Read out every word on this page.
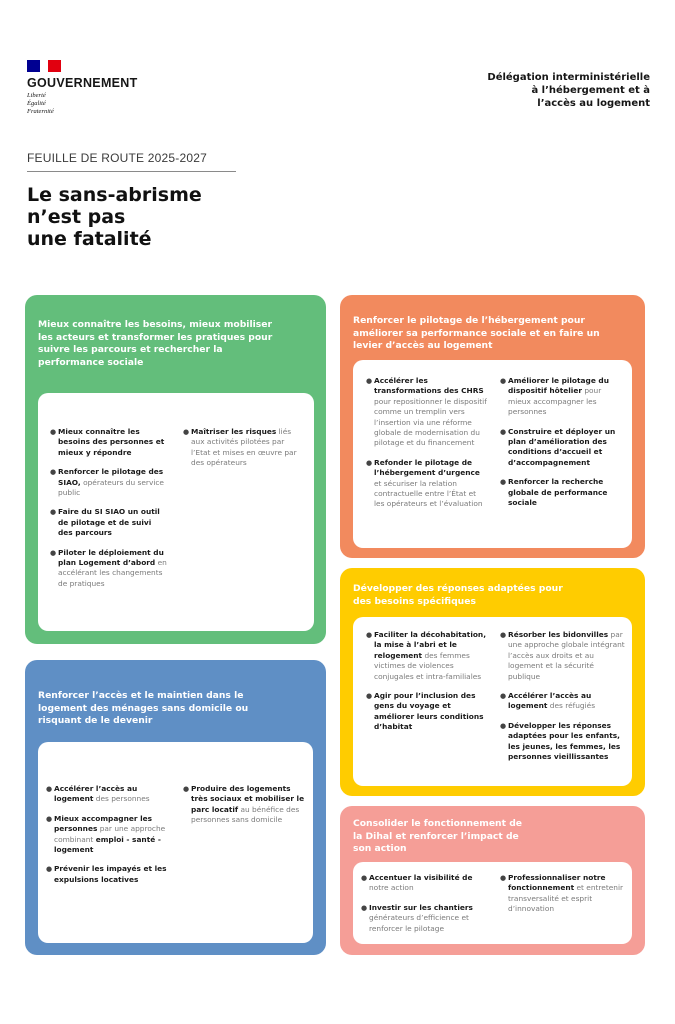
GOUVERNEMENT
Liberté
Égalité
Fraternité
Délégation interministérielle
à l’hébergement et à
l’accès au logement
FEUILLE DE ROUTE 2025-2027
Le sans-abrisme
n’est pas
une fatalité
Mieux connaître les besoins, mieux mobiliser les acteurs et transformer les pratiques pour suivre les parcours et rechercher la performance sociale
● Mieux connaître les besoins des personnes et mieux y répondre
● Renforcer le pilotage des SIAO, opérateurs du service public
● Faire du SI SIAO un outil de pilotage et de suivi des parcours
● Piloter le déploiement du plan Logement d’abord en accélérant les changements de pratiques
● Maîtriser les risques liés aux activités pilotées par l’Etat et mises en œuvre par des opérateurs
Renforcer l’accès et le maintien dans le logement des ménages sans domicile ou risquant de le devenir
● Accélérer l’accès au logement des personnes
● Mieux accompagner les personnes par une approche combinant emploi - santé - logement
● Prévenir les impayés et les expulsions locatives
● Produire des logements très sociaux et mobiliser le parc locatif au bénéfice des personnes sans domicile
Renforcer le pilotage de l’hébergement pour améliorer sa performance sociale et en faire un levier d’accès au logement
● Accélérer les transformations des CHRS pour repositionner le dispositif comme un tremplin vers l’insertion via une réforme globale de modernisation du pilotage et du financement
● Refonder le pilotage de l’hébergement d’urgence et sécuriser la relation contractuelle entre l’État et les opérateurs et l’évaluation
● Améliorer le pilotage du dispositif hôtelier pour mieux accompagner les personnes
● Construire et déployer un plan d’amélioration des conditions d’accueil et d’accompagnement
● Renforcer la recherche globale de performance sociale
Développer des réponses adaptées pour des besoins spécifiques
● Faciliter la décohabitation, la mise à l’abri et le relogement des femmes victimes de violences conjugales et intra-familiales
● Agir pour l’inclusion des gens du voyage et améliorer leurs conditions d’habitat
● Résorber les bidonvilles par une approche globale intégrant l’accès aux droits et au logement et la sécurité publique
● Accélérer l’accès au logement des réfugiés
● Développer les réponses adaptées pour les enfants, les jeunes, les femmes, les personnes vieillissantes
Consolider le fonctionnement de la Dihal et renforcer l’impact de son action
● Accentuer la visibilité de notre action
● Investir sur les chantiers générateurs d’efficience et renforcer le pilotage
● Professionnaliser notre fonctionnement et entretenir transversalité et esprit d’innovation
